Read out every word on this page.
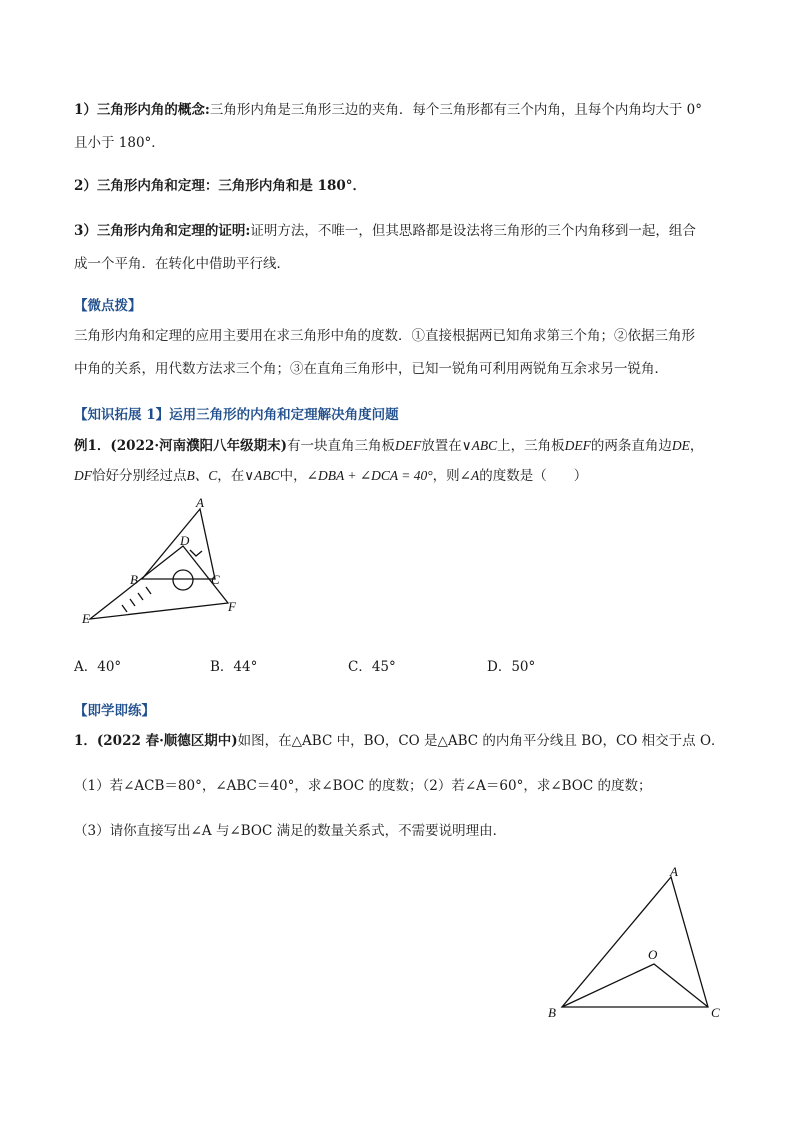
1）三角形内角的概念:三角形内角是三角形三边的夹角．每个三角形都有三个内角，且每个内角均大于 0°
且小于 180°．
2）三角形内角和定理：三角形内角和是 180°．
3）三角形内角和定理的证明:证明方法，不唯一，但其思路都是设法将三角形的三个内角移到一起，组合
成一个平角．在转化中借助平行线．
【微点拨】
三角形内角和定理的应用主要用在求三角形中角的度数．①直接根据两已知角求第三个角；②依据三角形
中角的关系，用代数方法求三个角；③在直角三角形中，已知一锐角可利用两锐角互余求另一锐角．
【知识拓展 1】运用三角形的内角和定理解决角度问题
例1．(2022·河南濮阳八年级期末)有一块直角三角板DEF放置在∨ABC上，三角板DEF的两条直角边DE，
DF恰好分别经过点B、C，在∨ABC中，∠DBA + ∠DCA = 40°，则∠A的度数是（　　）
A
D
B	C
E
F
A．40°	B．44°	C．45°	D．50°
【即学即练】
1．(2022 春·顺德区期中)如图，在△ABC 中，BO，CO 是△ABC 的内角平分线且 BO，CO 相交于点 O．
（1）若∠ACB＝80°，∠ABC＝40°，求∠BOC 的度数；（2）若∠A＝60°，求∠BOC 的度数；
（3）请你直接写出∠A 与∠BOC 满足的数量关系式，不需要说明理由．
A
B	C
O
